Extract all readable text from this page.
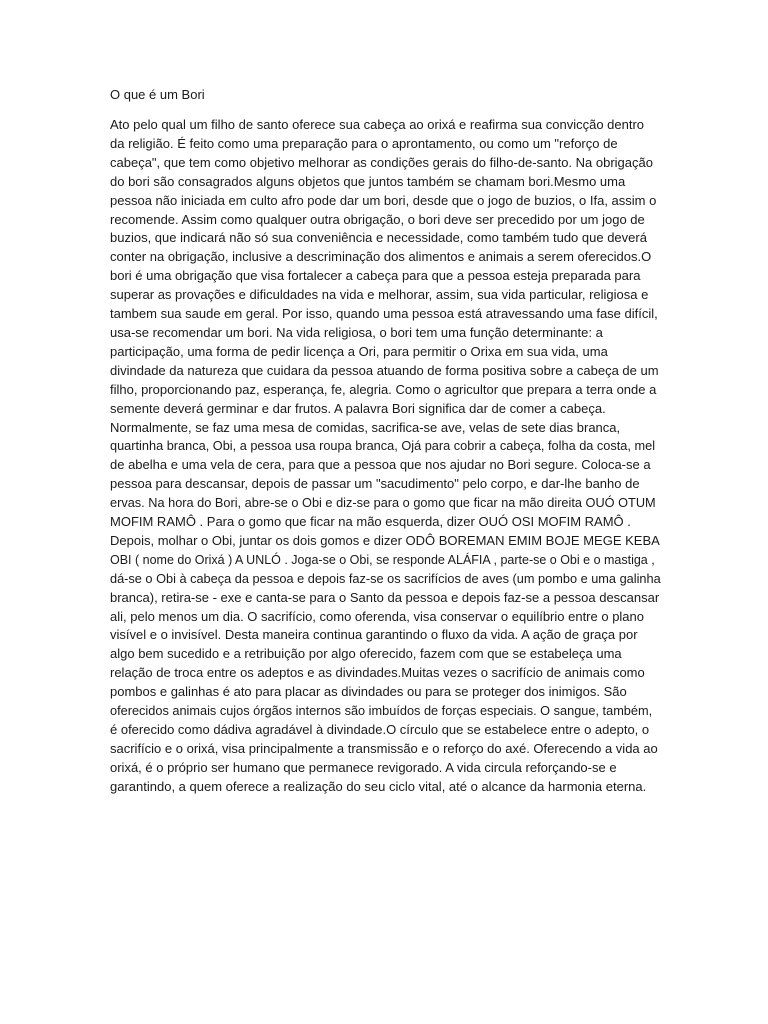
O que é um Bori
Ato pelo qual um filho de santo oferece sua cabeça ao orixá e reafirma sua convicção dentro
da religião. É feito como uma preparação para o aprontamento, ou como um "reforço de
cabeça", que tem como objetivo melhorar as condições gerais do filho-de-santo. Na obrigação
do bori são consagrados alguns objetos que juntos também se chamam bori.Mesmo uma
pessoa não iniciada em culto afro pode dar um bori, desde que o jogo de buzios, o Ifa, assim o
recomende. Assim como qualquer outra obrigação, o bori deve ser precedido por um jogo de
buzios, que indicará não só sua conveniência e necessidade, como também tudo que deverá
conter na obrigação, inclusive a descriminação dos alimentos e animais a serem oferecidos.O
bori é uma obrigação que visa fortalecer a cabeça para que a pessoa esteja preparada para
superar as provações e dificuldades na vida e melhorar, assim, sua vida particular, religiosa e
tambem sua saude em geral. Por isso, quando uma pessoa está atravessando uma fase difícil,
usa-se recomendar um bori. Na vida religiosa, o bori tem uma função determinante: a
participação, uma forma de pedir licença a Ori, para permitir o Orixa em sua vida, uma
divindade da natureza que cuidara da pessoa atuando de forma positiva sobre a cabeça de um
filho, proporcionando paz, esperança, fe, alegria. Como o agricultor que prepara a terra onde a
semente deverá germinar e dar frutos. A palavra Bori significa dar de comer a cabeça.
Normalmente, se faz uma mesa de comidas, sacrifica-se ave, velas de sete dias branca,
quartinha branca, Obi, a pessoa usa roupa branca, Ojá para cobrir a cabeça, folha da costa, mel
de abelha e uma vela de cera, para que a pessoa que nos ajudar no Bori segure. Coloca-se a
pessoa para descansar, depois de passar um "sacudimento" pelo corpo, e dar-lhe banho de
ervas. Na hora do Bori, abre-se o Obi e diz-se para o gomo que ficar na mão direita OUÓ OTUM
MOFIM RAMÔ . Para o gomo que ficar na mão esquerda, dizer OUÓ OSI MOFIM RAMÔ .
Depois, molhar o Obi, juntar os dois gomos e dizer ODÔ BOREMAN EMIM BOJE MEGE KEBA
OBI ( nome do Orixá ) A UNLÓ . Joga-se o Obi, se responde ALÁFIA , parte-se o Obi e o mastiga ,
dá-se o Obi à cabeça da pessoa e depois faz-se os sacrifícios de aves (um pombo e uma galinha
branca), retira-se - exe e canta-se para o Santo da pessoa e depois faz-se a pessoa descansar
ali, pelo menos um dia. O sacrifício, como oferenda, visa conservar o equilíbrio entre o plano
visível e o invisível. Desta maneira continua garantindo o fluxo da vida. A ação de graça por
algo bem sucedido e a retribuição por algo oferecido, fazem com que se estabeleça uma
relação de troca entre os adeptos e as divindades.Muitas vezes o sacrifício de animais como
pombos e galinhas é ato para placar as divindades ou para se proteger dos inimigos. São
oferecidos animais cujos órgãos internos são imbuídos de forças especiais. O sangue, também,
é oferecido como dádiva agradável à divindade.O círculo que se estabelece entre o adepto, o
sacrifício e o orixá, visa principalmente a transmissão e o reforço do axé. Oferecendo a vida ao
orixá, é o próprio ser humano que permanece revigorado. A vida circula reforçando-se e
garantindo, a quem oferece a realização do seu ciclo vital, até o alcance da harmonia eterna.
